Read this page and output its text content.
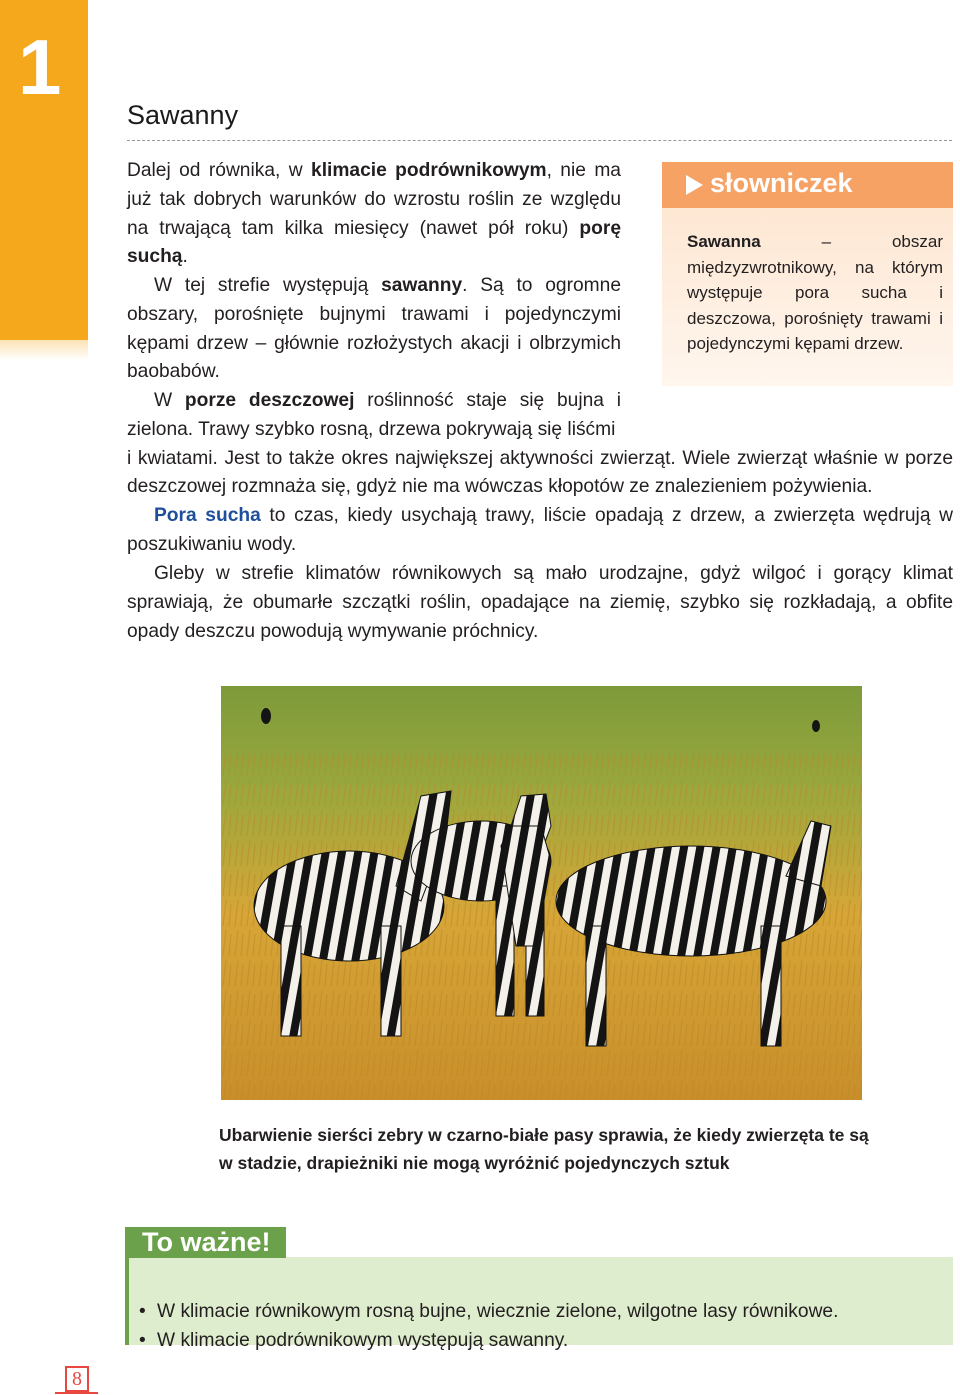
1
Sawanny

Dalej od równika, w klimacie podrównikowym, nie ma już tak dobrych warunków do wzrostu roślin ze względu na trwającą tam kilka miesięcy (nawet pół roku) porę suchą.

W tej strefie występują sawanny. Są to ogromne obszary, porośnięte bujnymi trawami i pojedynczymi kępami drzew – głównie rozłożystych akacji i olbrzymich baobabów.

W porze deszczowej roślinność staje się bujna i zielona. Trawy szybko rosną, drzewa pokrywają się liśćmi
i kwiatami. Jest to także okres największej aktywności zwierząt. Wiele zwierząt właśnie w porze deszczowej rozmnaża się, gdyż nie ma wówczas kłopotów ze znalezieniem pożywienia.

Pora sucha to czas, kiedy usychają trawy, liście opadają z drzew, a zwierzęta wędrują w poszukiwaniu wody.

Gleby w strefie klimatów równikowych są mało urodzajne, gdyż wilgoć i gorący klimat sprawiają, że obumarłe szczątki roślin, opadające na ziemię, szybko się rozkładają, a obfite opady deszczu powodują wymywanie próchnicy.

słowniczek

Sawanna – obszar międzyzwrotnikowy, na którym występuje pora sucha i deszczowa, porośnięty trawami i pojedynczymi kępami drzew.

Ubarwienie sierści zebry w czarno-białe pasy sprawia, że kiedy zwierzęta te są w stadzie, drapieżniki nie mogą wyróżnić pojedynczych sztuk

• W klimacie równikowym rosną bujne, wiecznie zielone, wilgotne lasy równikowe.
• W klimacie podrównikowym występują sawanny.
To ważne!
8
